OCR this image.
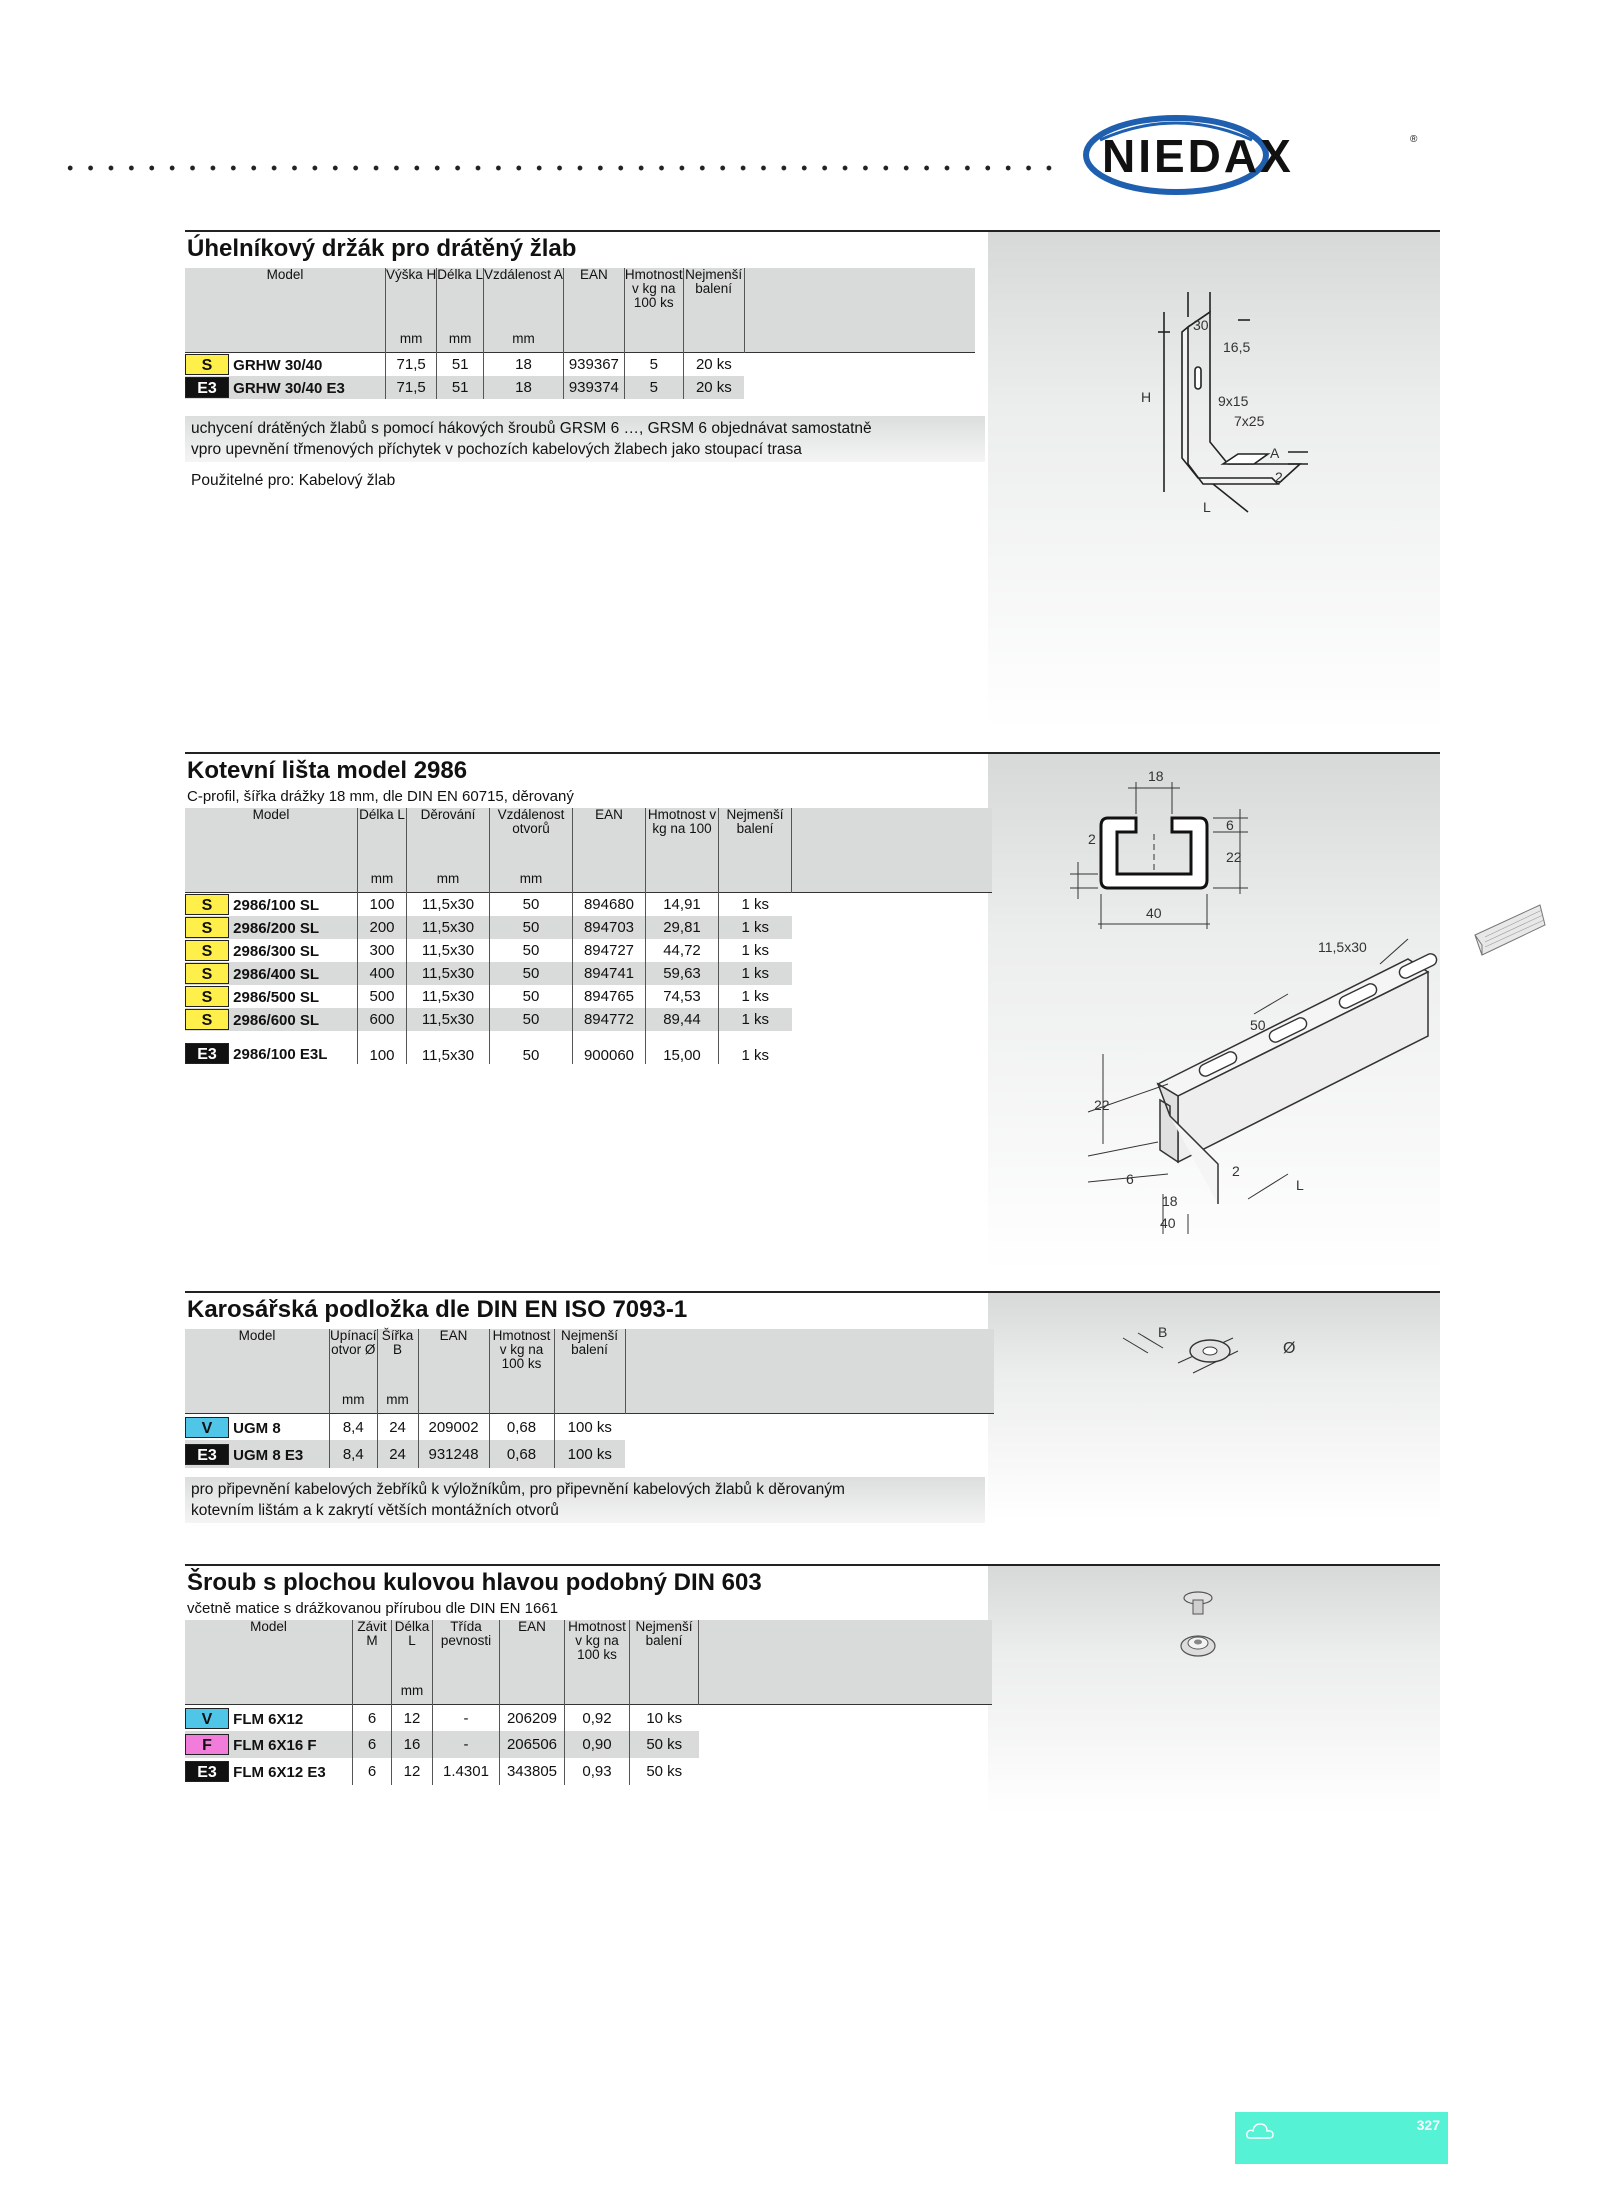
NIEDAX	®
30
16,5
H	9x15
7x25
A
2
L
Úhelníkový držák pro drátěný žlab
Model	Výška H	Délka L	Vzdálenost A	EAN	Hmotnost v kg na 100 ks	Nejmenší balení	
	mm	mm	mm				

S GRHW 30/40	71,5	51	18	939367	5	20 ks	
E3 GRHW 30/40 E3	71,5	51	18	939374	5	20 ks	
uchycení drátěných žlabů s pomocí hákových šroubů GRSM 6 …, GRSM 6 objednávat samostatně
vpro upevnění třmenových příchytek v pochozích kabelových žlabech jako stoupací trasa
Použitelné pro: Kabelový žlab
18
6
2
22
40
11,5x30
50
22
6	2
18
40
L
Kotevní lišta model 2986
C-profil, šířka drážky 18 mm, dle DIN EN 60715, děrovaný
Model	Délka L	Děrování	Vzdálenost otvorů	EAN	Hmotnost v kg na 100	Nejmenší balení	
	mm	mm	mm				

S 2986/100 SL	100	11,5x30	50	894680	14,91	1 ks	
S 2986/200 SL	200	11,5x30	50	894703	29,81	1 ks	
S 2986/300 SL	300	11,5x30	50	894727	44,72	1 ks	
S 2986/400 SL	400	11,5x30	50	894741	59,63	1 ks	
S 2986/500 SL	500	11,5x30	50	894765	74,53	1 ks	
S 2986/600 SL	600	11,5x30	50	894772	89,44	1 ks	
E3 2986/100 E3L	100	11,5x30	50	900060	15,00	1 ks	
B
Ø
Karosářská podložka dle DIN EN ISO 7093-1
Model	Upínací otvor Ø	Šířka B	EAN	Hmotnost v kg na 100 ks	Nejmenší balení	
	mm	mm				

V UGM 8	8,4	24	209002	0,68	100 ks	
E3 UGM 8 E3	8,4	24	931248	0,68	100 ks	
pro připevnění kabelových žebříků k výložníkům, pro připevnění kabelových žlabů k děrovaným
kotevním lištám a k zakrytí větších montážních otvorů
Šroub s plochou kulovou hlavou podobný DIN 603
včetně matice s drážkovanou přírubou dle DIN EN 1661
Model	Závit M	Délka L	Třída pevnosti	EAN	Hmotnost v kg na 100 ks	Nejmenší balení	
		mm					

V FLM 6X12	6	12	-	206209	0,92	10 ks	
F FLM 6X16 F	6	16	-	206506	0,90	50 ks	
E3 FLM 6X12 E3	6	12	1.4301	343805	0,93	50 ks	
327
